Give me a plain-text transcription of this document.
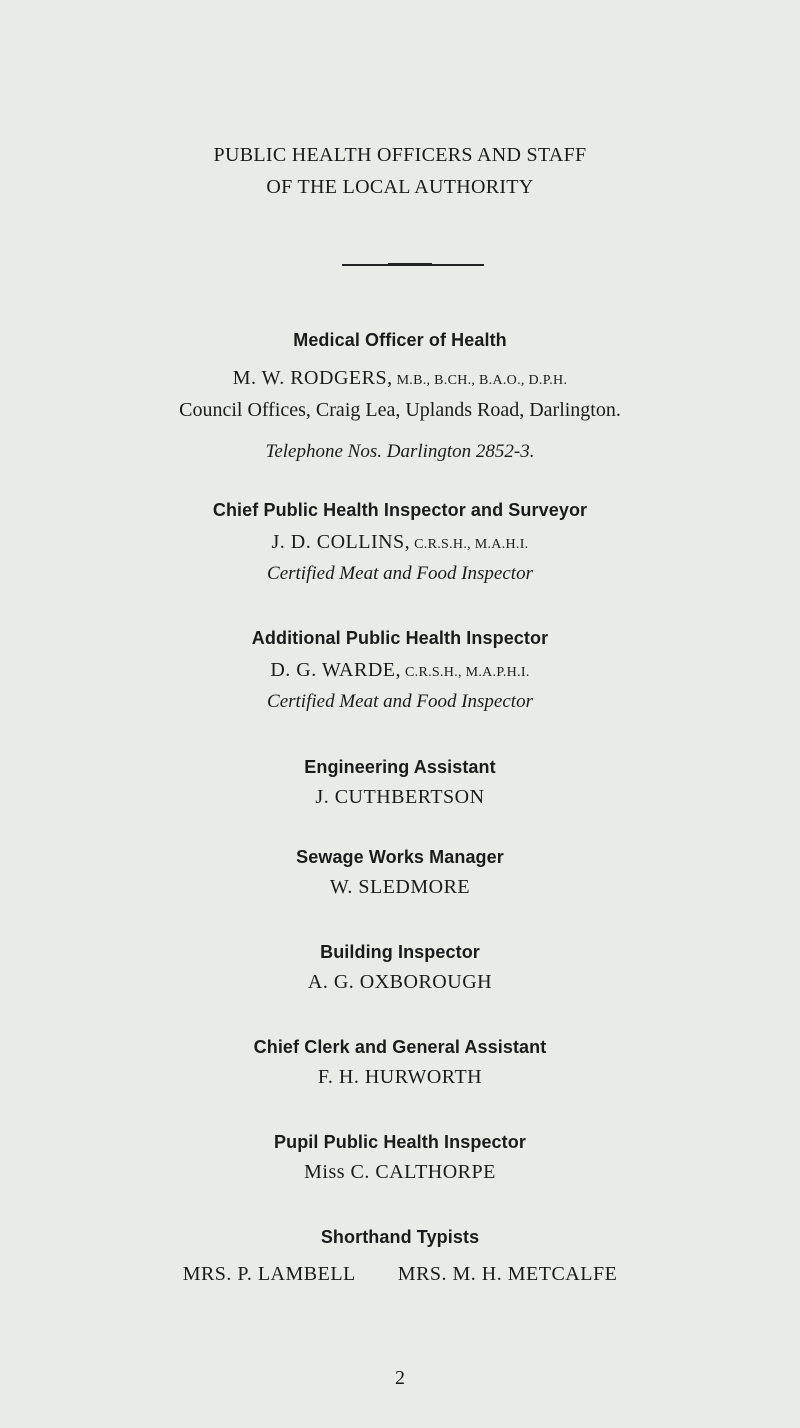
PUBLIC HEALTH OFFICERS AND STAFF
OF THE LOCAL AUTHORITY
Medical Officer of Health
M. W. RODGERS, M.B., B.CH., B.A.O., D.P.H.
Council Offices, Craig Lea, Uplands Road, Darlington.
Telephone Nos. Darlington 2852-3.
Chief Public Health Inspector and Surveyor
J. D. COLLINS, C.R.S.H., M.A.H.I.
Certified Meat and Food Inspector
Additional Public Health Inspector
D. G. WARDE, C.R.S.H., M.A.P.H.I.
Certified Meat and Food Inspector
Engineering Assistant
J. CUTHBERTSON
Sewage Works Manager
W. SLEDMORE
Building Inspector
A. G. OXBOROUGH
Chief Clerk and General Assistant
F. H. HURWORTH
Pupil Public Health Inspector
Miss C. CALTHORPE
Shorthand Typists
MRS. P. LAMBELL MRS. M. H. METCALFE
2
